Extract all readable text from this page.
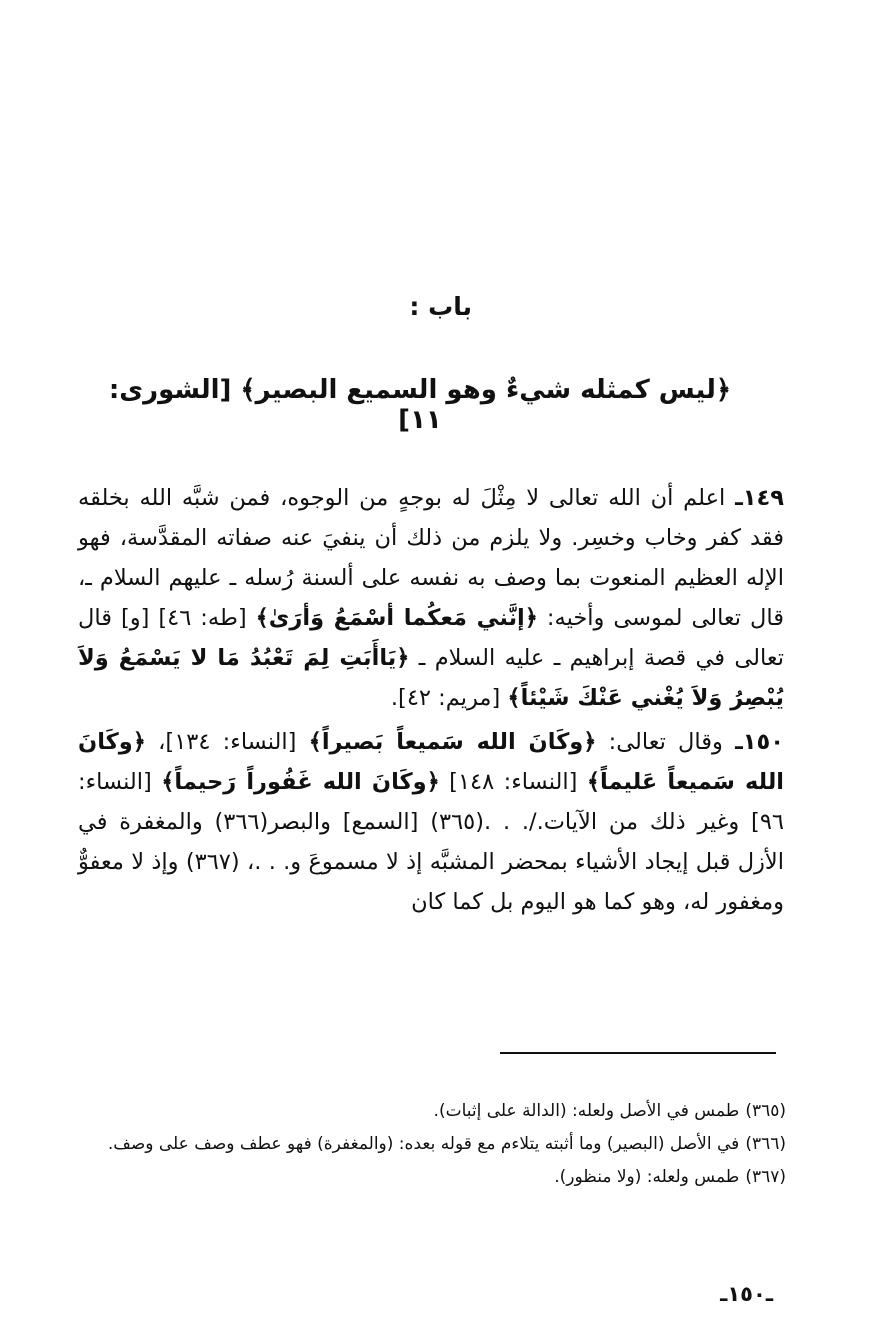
باب :
﴿ليس كمثله شيءٌ وهو السميع البصير﴾ [الشورى: ١١]

١٤٩ـ اعلم أن الله تعالى لا مِثْلَ له بوجهٍ من الوجوه، فمن شبَّه الله بخلقه فقد كفر وخاب وخسِر. ولا يلزم من ذلك أن ينفيَ عنه صفاته المقدَّسة، فهو الإله العظيم المنعوت بما وصف به نفسه على ألسنة رُسله ـ عليهم السلام ـ، قال تعالى لموسى وأخيه: ﴿إنَّني مَعكُما أسْمَعُ وَأرَىٰ﴾ [طه: ٤٦] [و] قال تعالى في قصة إبراهيم ـ عليه السلام ـ ﴿يَاأَبَتِ لِمَ تَعْبُدُ مَا لا يَسْمَعُ وَلاَ يُبْصِرُ وَلاَ يُغْني عَنْكَ شَيْئاً﴾ [مريم: ٤٢].

١٥٠ـ وقال تعالى: ﴿وكَانَ الله سَميعاً بَصيراً﴾ [النساء: ١٣٤]، ﴿وكَانَ الله سَميعاً عَليماً﴾ [النساء: ١٤٨] ﴿وكَانَ الله غَفُوراً رَحيماً﴾ [النساء: ٩٦] وغير ذلك من الآيات./. . .(٣٦٥) [السمع] والبصر(٣٦٦) والمغفرة في الأزل قبل إيجاد الأشياء بمحضر المشبَّه إذ لا مسموعَ و. . .، (٣٦٧) وإذ لا معفوٌّ ومغفور له، وهو كما هو اليوم بل كما كان

(٣٦٥)طمس في الأصل ولعله: (الدالة على إثبات).

(٣٦٦)في الأصل (البصير) وما أثبته يتلاءم مع قوله بعده: (والمغفرة) فهو عطف وصف على وصف.

(٣٦٧)طمس ولعله: (ولا منظور).

ـ١٥٠ـ
